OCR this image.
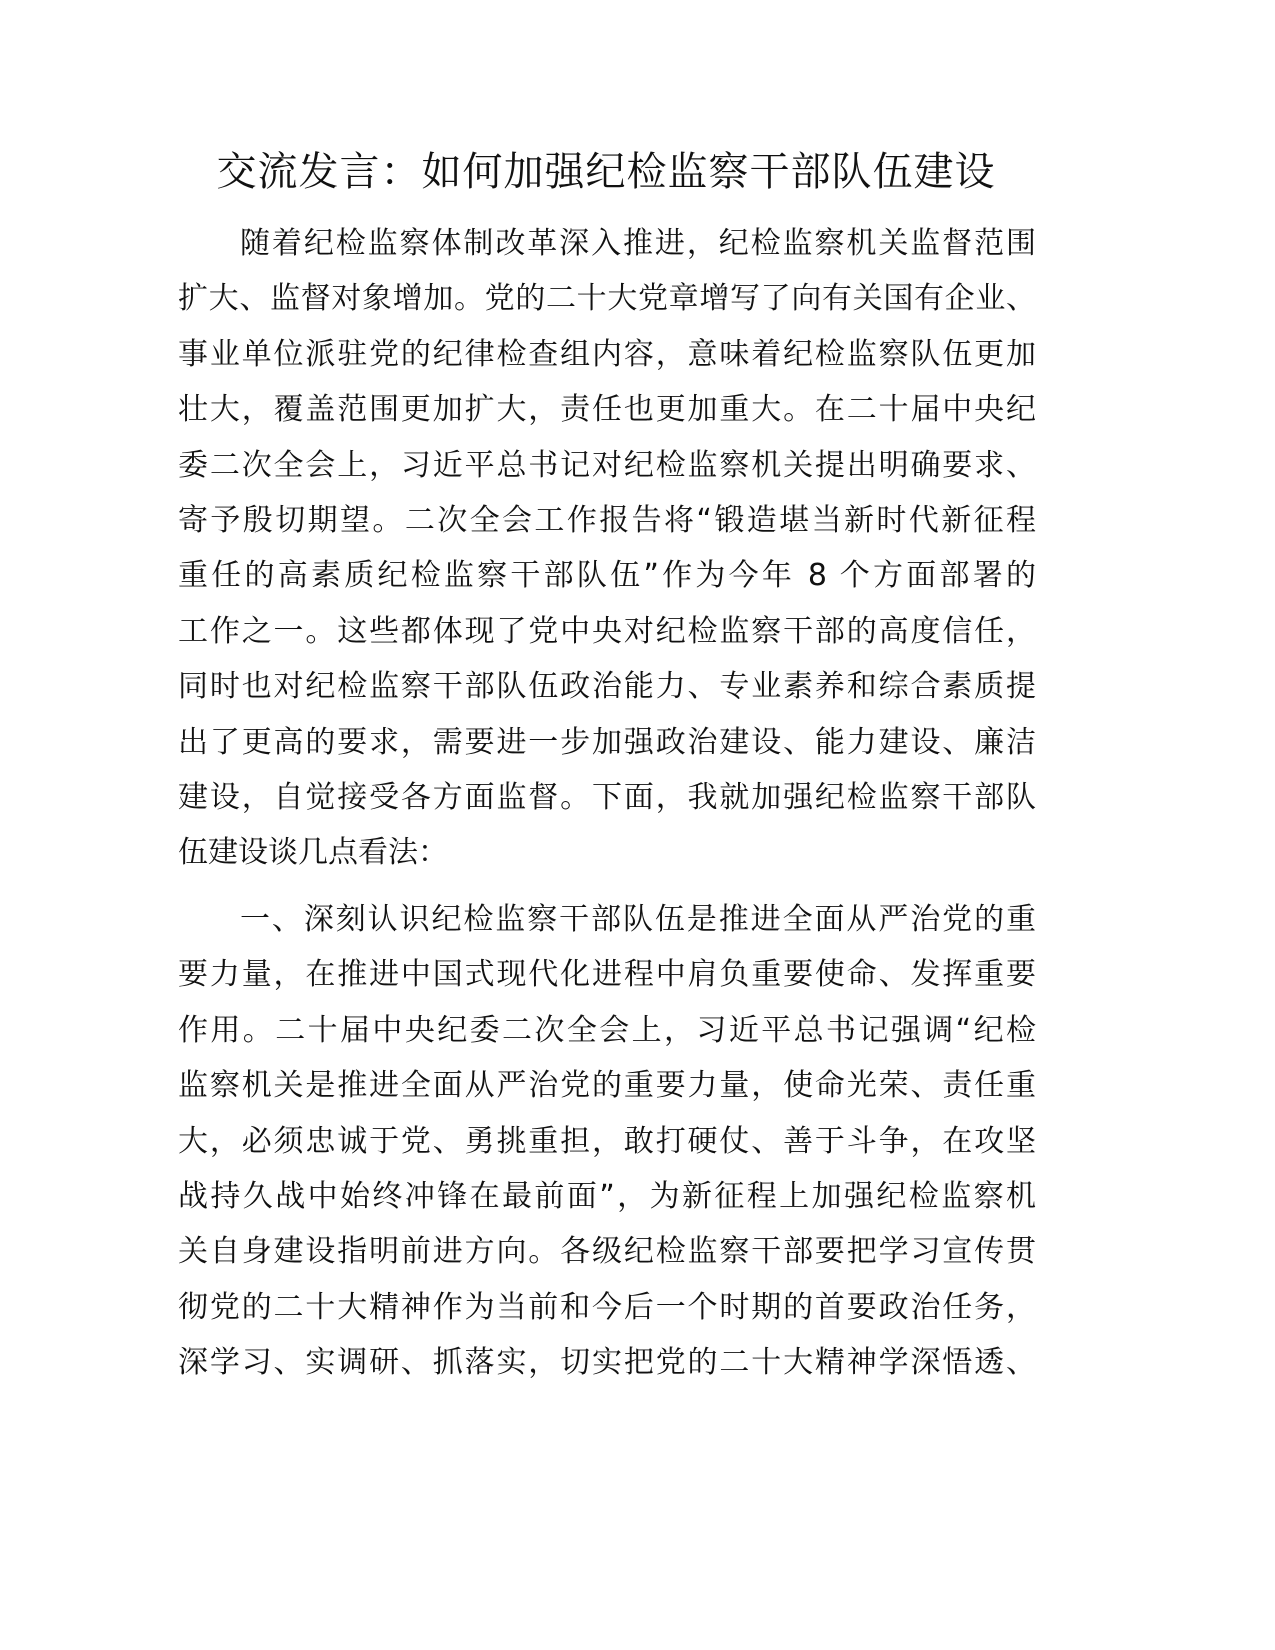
交流发言：如何加强纪检监察干部队伍建设
随着纪检监察体制改革深入推进，纪检监察机关监督范围
扩大、监督对象增加。党的二十大党章增写了向有关国有企业、
事业单位派驻党的纪律检查组内容，意味着纪检监察队伍更加
壮大，覆盖范围更加扩大，责任也更加重大。在二十届中央纪
委二次全会上，习近平总书记对纪检监察机关提出明确要求、
寄予殷切期望。二次全会工作报告将“锻造堪当新时代新征程
重任的高素质纪检监察干部队伍”作为今年 8 个方面部署的
工作之一。这些都体现了党中央对纪检监察干部的高度信任，
同时也对纪检监察干部队伍政治能力、专业素养和综合素质提
出了更高的要求，需要进一步加强政治建设、能力建设、廉洁
建设，自觉接受各方面监督。下面，我就加强纪检监察干部队
伍建设谈几点看法：
一、深刻认识纪检监察干部队伍是推进全面从严治党的重
要力量，在推进中国式现代化进程中肩负重要使命、发挥重要
作用。二十届中央纪委二次全会上，习近平总书记强调“纪检
监察机关是推进全面从严治党的重要力量，使命光荣、责任重
大，必须忠诚于党、勇挑重担，敢打硬仗、善于斗争，在攻坚
战持久战中始终冲锋在最前面”，为新征程上加强纪检监察机
关自身建设指明前进方向。各级纪检监察干部要把学习宣传贯
彻党的二十大精神作为当前和今后一个时期的首要政治任务，
深学习、实调研、抓落实，切实把党的二十大精神学深悟透、
